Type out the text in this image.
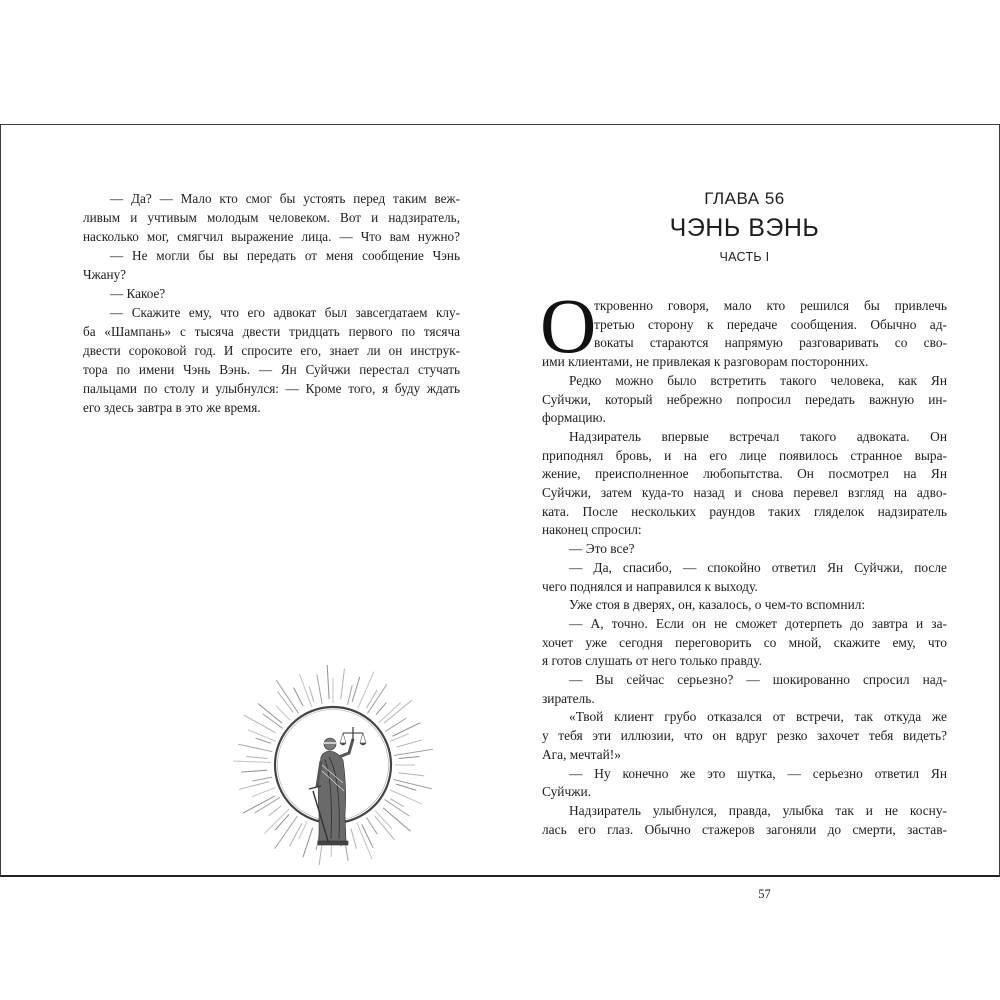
— Да? — Мало кто смог бы устоять перед таким веж-

ливым и учтивым молодым человеком. Вот и надзиратель,

насколько мог, смягчил выражение лица. — Что вам нужно?

— Не могли бы вы передать от меня сообщение Чэнь

Чжану?

— Какое?

— Скажите ему, что его адвокат был завсегдатаем клу-

ба «Шампань» с тысяча двести тридцать первого по тясяча

двести сороковой год. И спросите его, знает ли он инструк-

тора по имени Чэнь Вэнь. — Ян Суйчжи перестал стучать

пальцами по столу и улыбнулся: — Кроме того, я буду ждать

его здесь завтра в это же время.

ГЛАВА 56
ЧЭНЬ ВЭНЬ
ЧАСТЬ I
О

ткровенно говоря, мало кто решился бы привлечь

третью сторону к передаче сообщения. Обычно ад-

вокаты стараются напрямую разговаривать со сво-

ими клиентами, не привлекая к разговорам посторонних.

Редко можно было встретить такого человека, как Ян

Суйчжи, который небрежно попросил передать важную ин-

формацию.

Надзиратель впервые встречал такого адвоката. Он

приподнял бровь, и на его лице появилось странное выра-

жение, преисполненное любопытства. Он посмотрел на Ян

Суйчжи, затем куда-то назад и снова перевел взгляд на адво-

ката. После нескольких раундов таких гляделок надзиратель

наконец спросил:

— Это все?

— Да, спасибо, — спокойно ответил Ян Суйчжи, после

чего поднялся и направился к выходу.

Уже стоя в дверях, он, казалось, о чем-то вспомнил:

— А, точно. Если он не сможет дотерпеть до завтра и за-

хочет уже сегодня переговорить со мной, скажите ему, что

я готов слушать от него только правду.

— Вы сейчас серьезно? — шокированно спросил над-

зиратель.

«Твой клиент грубо отказался от встречи, так откуда же

у тебя эти иллюзии, что он вдруг резко захочет тебя видеть?

Ага, мечтай!»

— Ну конечно же это шутка, — серьезно ответил Ян

Суйчжи.

Надзиратель улыбнулся, правда, улыбка так и не косну-

лась его глаз. Обычно стажеров загоняли до смерти, застав-

57
